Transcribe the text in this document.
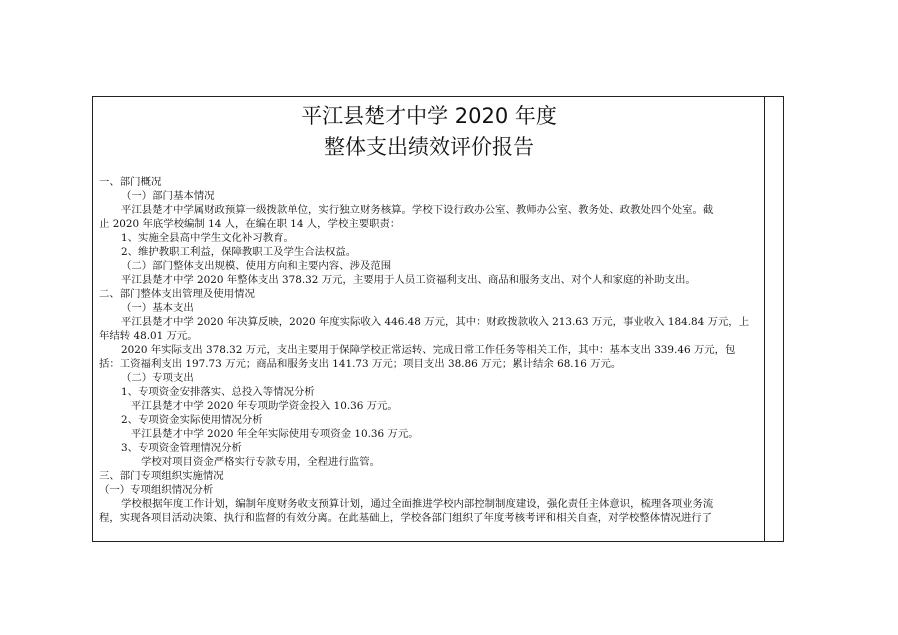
平江县楚才中学 2020 年度
整体支出绩效评价报告
一、部门概况
（一）部门基本情况
平江县楚才中学属财政预算一级拨款单位，实行独立财务核算。学校下设行政办公室、教师办公室、教务处、政教处四个处室。截
止 2020 年底学校编制 14 人，在编在职 14 人，学校主要职责：
1、实施全县高中学生文化补习教育。
2、维护教职工利益，保障教职工及学生合法权益。
（二）部门整体支出规模、使用方向和主要内容、涉及范围
平江县楚才中学 2020 年整体支出 378.32 万元，主要用于人员工资福利支出、商品和服务支出、对个人和家庭的补助支出。
二、部门整体支出管理及使用情况
（一）基本支出
平江县楚才中学 2020 年决算反映，2020 年度实际收入 446.48 万元，其中：财政拨款收入 213.63 万元，事业收入 184.84 万元，上
年结转 48.01 万元。
2020 年实际支出 378.32 万元，支出主要用于保障学校正常运转、完成日常工作任务等相关工作，其中：基本支出 339.46 万元，包
括：工资福利支出 197.73 万元；商品和服务支出 141.73 万元；项目支出 38.86 万元；累计结余 68.16 万元。
（二）专项支出
1、专项资金安排落实、总投入等情况分析
平江县楚才中学 2020 年专项助学资金投入 10.36 万元。
2、专项资金实际使用情况分析
平江县楚才中学 2020 年全年实际使用专项资金 10.36 万元。
3、专项资金管理情况分析
学校对项目资金严格实行专款专用，全程进行监管。
三、部门专项组织实施情况
（一）专项组织情况分析
学校根据年度工作计划，编制年度财务收支预算计划，通过全面推进学校内部控制制度建设，强化责任主体意识，梳理各项业务流
程，实现各项目活动决策、执行和监督的有效分离。在此基础上，学校各部门组织了年度考核考评和相关自查，对学校整体情况进行了
